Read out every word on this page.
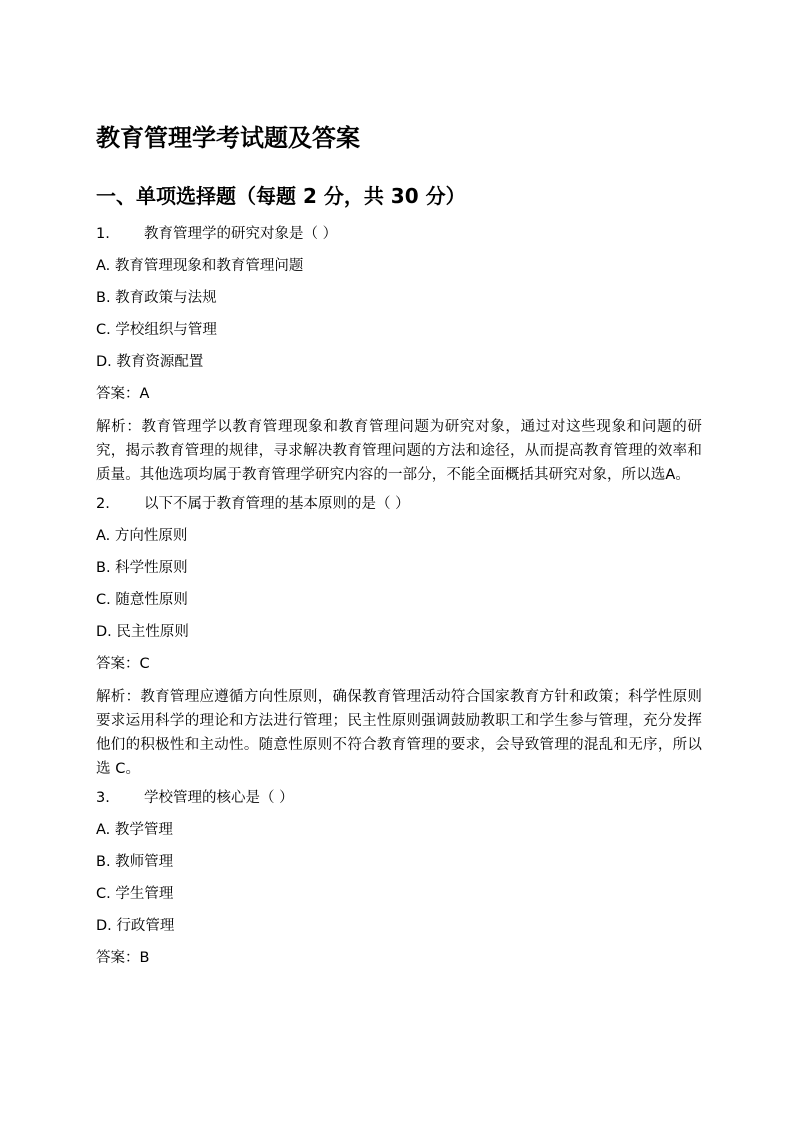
教育管理学考试题及答案
一、单项选择题（每题 2 分，共 30 分）
1. 教育管理学的研究对象是（ ）
A. 教育管理现象和教育管理问题
B. 教育政策与法规
C. 学校组织与管理
D. 教育资源配置
答案：A
解析：教育管理学以教育管理现象和教育管理问题为研究对象，通过对这些现象和问题的研究，揭示教育管理的规律，寻求解决教育管理问题的方法和途径，从而提高教育管理的效率和质量。其他选项均属于教育管理学研究内容的一部分，不能全面概括其研究对象，所以选A。
2. 以下不属于教育管理的基本原则的是（ ）
A. 方向性原则
B. 科学性原则
C. 随意性原则
D. 民主性原则
答案：C
解析：教育管理应遵循方向性原则，确保教育管理活动符合国家教育方针和政策；科学性原则要求运用科学的理论和方法进行管理；民主性原则强调鼓励教职工和学生参与管理，充分发挥他们的积极性和主动性。随意性原则不符合教育管理的要求，会导致管理的混乱和无序，所以选 C。
3. 学校管理的核心是（ ）
A. 教学管理
B. 教师管理
C. 学生管理
D. 行政管理
答案：B
